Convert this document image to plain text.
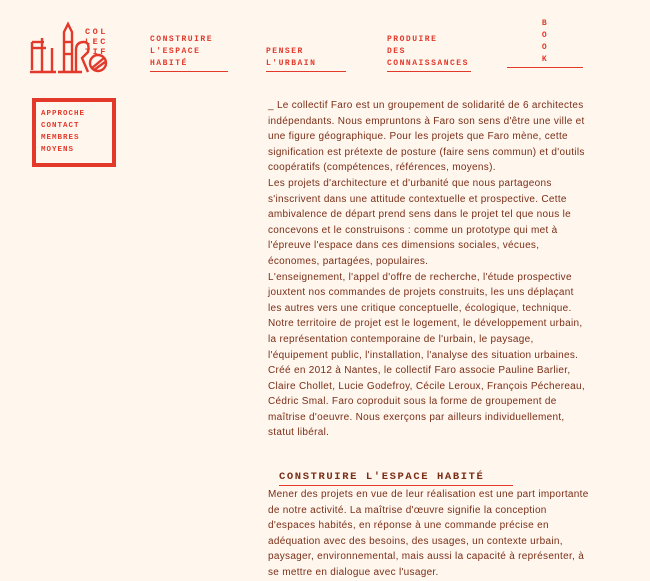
COL
LEC
TIF
CONSTRUIRE
L'ESPACE
HABITÉ
PENSER
L'URBAIN
PRODUIRE
DES
CONNAISSANCES
B
O
O
K
APPROCHE
CONTACT
MEMBRES
MOYENS

_ Le collectif Faro est un groupement de solidarité de 6 architectes indépendants. Nous empruntons à Faro son sens d'être une ville et une figure géographique. Pour les projets que Faro mène, cette signification est prétexte de posture (faire sens commun) et d'outils coopératifs (compétences, références, moyens).

Les projets d'architecture et d'urbanité que nous partageons s'inscrivent dans une attitude contextuelle et prospective. Cette ambivalence de départ prend sens dans le projet tel que nous le concevons et le construisons : comme un prototype qui met à l'épreuve l'espace dans ces dimensions sociales, vécues, économes, partagées, populaires.

L'enseignement, l'appel d'offre de recherche, l'étude prospective jouxtent nos commandes de projets construits, les uns déplaçant les autres vers une critique conceptuelle, écologique, technique.

Notre territoire de projet est le logement, le développement urbain, la représentation contemporaine de l'urbain, le paysage, l'équipement public, l'installation, l'analyse des situation urbaines.

Créé en 2012 à Nantes, le collectif Faro associe Pauline Barlier, Claire Chollet, Lucie Godefroy, Cécile Leroux, François Péchereau, Cédric Smal. Faro coproduit sous la forme de groupement de maîtrise d'oeuvre. Nous exerçons par ailleurs individuellement, statut libéral.

CONSTRUIRE L'ESPACE HABITÉ
Mener des projets en vue de leur réalisation est une part importante de notre activité. La maîtrise d'œuvre signifie la conception d'espaces habités, en réponse à une commande précise en adéquation avec des besoins, des usages, un contexte urbain, paysager, environnemental, mais aussi la capacité à représenter, à se mettre en dialogue avec l'usager.
